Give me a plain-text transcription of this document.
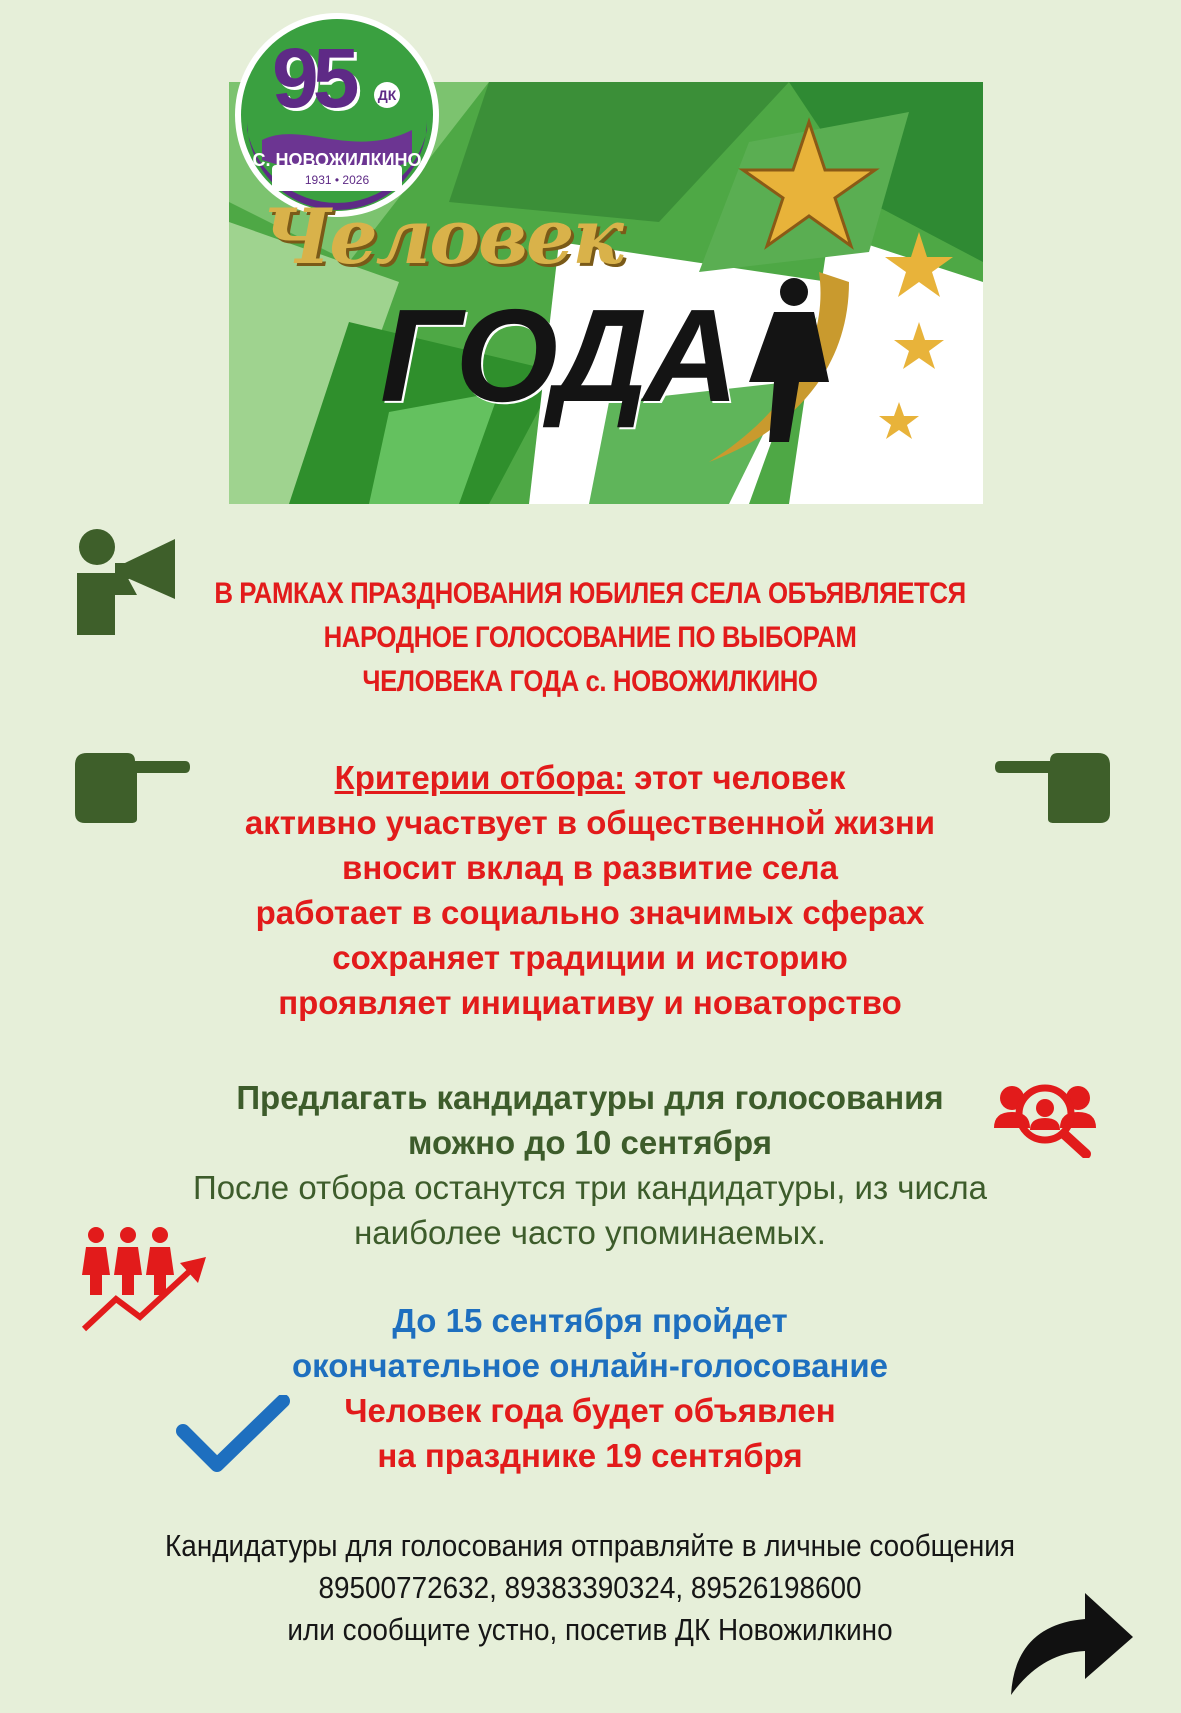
95 ДК
С. НОВОЖИЛКИНО
1931 • 2026
Человек
ГОДА
В РАМКАХ ПРАЗДНОВАНИЯ ЮБИЛЕЯ СЕЛА ОБЪЯВЛЯЕТСЯ
НАРОДНОЕ ГОЛОСОВАНИЕ ПО ВЫБОРАМ
ЧЕЛОВЕКА ГОДА с. НОВОЖИЛКИНО
Критерии отбора: этот человек
активно участвует в общественной жизни
вносит вклад в развитие села
работает в социально значимых сферах
сохраняет традиции и историю
проявляет инициативу и новаторство
Предлагать кандидатуры для голосования
можно до 10 сентября
После отбора останутся три кандидатуры, из числа
наиболее часто упоминаемых.
До 15 сентября пройдет
окончательное онлайн-голосование
Человек года будет объявлен
на празднике 19 сентября
Кандидатуры для голосования отправляйте в личные сообщения
89500772632, 89383390324, 89526198600
или сообщите устно, посетив ДК Новожилкино
